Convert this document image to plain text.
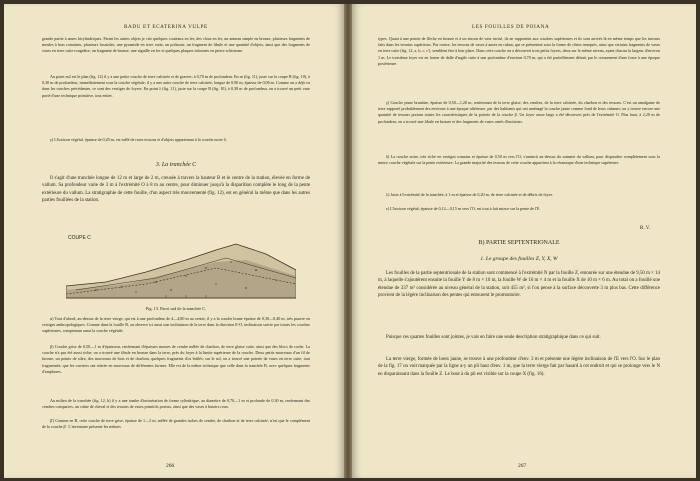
RADU ET ECATERINA VULPE
grande partie à anses bicylindriques. Parmi les autres objets je cite quelques couteaux en fer, des clous en fer, un anneau simple en bronze, plusieurs fragments de meules à bras romaines, plusieurs fusaïoles, une pyramide en terre cuite, un polissoir, un fragment de fibule et une quantité d'objets, ainsi que des fragments de vases en terre cuite rougeâtre, un fragment de bronze, une aiguille en fer et quelques plaques informes en pierre schisteuse.
Au point m2 est le plan (fig. 12) il y a une petite couche de terre calcinée et de gravier; à 0,70 m de profondeur. En m (fig. 11), juste sur la coupe B (fig. 10), à 0,30 m de profondeur, immédiatement sous la couche végétale, il y a une autre couche de terre calcinée, longue de 0,90 m, épaisse de 0,06 m. Comme on a déjà vu dans les couches précédentes, ce sont des vestiges de foyers. En point λ (fig. 11), juste sur la coupe B (fig. 10), à 0,38 m de profondeur, on a trouvé un petit vase porté d'une technique primitive, tout entier.
γ) L'horizon végétal, épaisse de 0,20 m, est mêlé de rares tessons et d'objets appartenant à la couche noire δ.
3. La tranchée C
Il s'agit d'une tranchée longue de 12 m et large de 2 m, creusée à travers la hauteur B et le centre de la station, élevée en forme de vallum. Sa profondeur varie de 3 m à l'extrémité O à 8 m au centre, pour diminuer jusqu'à la disparition complète le long de la pente extérieure du vallum. La stratigraphie de cette fouille, d'un aspect très mouvementé (fig. 12), est en général la même que dans les autres parties fouillées de la station.
COUPE C
Fig. 13. Paroi sud de la tranchée C.
α) Tout d'abord, au-dessus de la terre vierge, qui est à une profondeur de 4—4,80 m au centre, il y a la couche brune épaisse de 0,30—0,40 m, très pauvre en vestiges anthropologiques. Comme dans la fouille B, on observe ici aussi une inclinaison de la terre dans la direction E-O, inclinaison suivie par toutes les couches supérieures, comprenant aussi la couche végétale.
β) Couche grise de 0,50—1 m d'épaisseur, renfermant d'épaisses masses de cendre mêlée de charbon, de terre glaise cuite, ainsi que des blocs de roche. La couche n'a pas été aussi riche; on a trouvé une fibule en bronze dans la terre, près du foyer à la limite supérieure de la couche. Deux petits morceaux d'un fil de bronze, un pointe de silex, des morceaux de bois et de charbon, quelques fragments d'os brûlés; sur le sol, on a trouvé une poterie de vases en terre cuite, tout fragmentée, que les ouvriers ont retirée en morceaux de différentes formes. Elle est de la même technique que celle dans la tranchée B, avec quelques fragments d'amphores.
Au milieu de la tranchée (fig. 12, b) il y a une tombe d'incinération de forme cylindrique, au diamètre de 0,70—1 m et profonde de 0,30 m, renfermant des cendres compactes, un crâne de cheval et des tessons de vases primitifs poreux, ainsi que des vases à butoirs roux.
β') Comme en B, cette couche de terre grise, épaisse de 1—3 m, mêlée de grandes taches de cendre, de charbon et de terre calcinée, n'est que le complément de la couche β'. L'inventaire présente les mêmes
266
LES FOUILLES DE POIANA
types. Quant à une pointe de flèche en bronze et à un tesson de vase incisé, ils ne rapportent aux couches supérieures et ils sont arrivés là en même temps que les travaux faits dans les terrains supérieurs. Par contre, les tessons de vases à anses en ruban, qui se présentent sous la forme de cônes tronqués, ainsi que certains fragments de vases en terre cuite (fig. 12, a, b, c, c'), semblent être à leur place. Dans cette couche on a découvert trois petits foyers, deux sur le même niveau, ayant chacun la largeur d'environ 1 m. Le troisième foyer est en forme de dalle d'argile cuite à une profondeur d'environ 0,70 m, qui a été partiellement détruit par le creusement d'une fosse à une époque postérieure.
γ) Couche jaune brunâtre, épaisse de 0,50—1,20 m, renfermant de la terre glaise, des cendres, de la terre calcinée, du charbon et des tessons. C'est un amalgame de terre rapporté probablement des environs à une époque ultérieure, par des habitants qui ont aménagé la couche jaune comme fond de leurs cabanes; on y trouve encore une quantité de tessons portant toutes les caractéristiques de la poterie de la couche β. Un foyer assez large a été découvert près de l'extrémité O. Plus haut, à 2,20 m de profondeur, on a trouvé une fibule en bronze et des fragments de vases ornés d'incisions.
δ) La couche noire, très riche en vestiges romains et épaisse de 0,50 m vers l'O, s'amincit au-dessus du sommet du vallum, pour disparaître complètement sous la mince couche végétale sur la pente extérieure. La grande majorité des tessons de cette couche appartient à la céramique d'une technique supérieure.
λ) Juste à l'extrémité de la tranchée, à 1 m et épaisse de 0,20 m, de terre calcinée et de débris de foyer.
ε) L'horizon végétal, épaisse de 0,12—0,15 m vers l'O, est tout à fait mince sur la pente de l'E.
R. V.
B) PARTIE SEPTENTRIONALE
1. Le groupe des fouilles Z, Y, X, W
Les fouilles de la partie septentrionale de la station sont commencé à l'extrémité N par la fouille Z, entourée sur une étendue de 9,50 m × 14 m, à laquelle s'ajoutèrent ensuite la fouille Y de 8 m × 10 m, la fouille W de 16 m × 4 m et la fouille X de 10 m × 6 m. Au total on a fouillé une étendue de 337 m² considérée au niveau général de la station, soit 455 m², si l'on pense à la surface découverte 3 m plus bas. Cette différence provient de la légère inclinaison des pentes qui entourent le promontoire.
Puisque ces quatres fouilles sont jointes, je vais en faire une seule description stratigraphique dans ce qui suit.
La terre vierge, formée de loess jaune, se trouve à une profondeur d'env. 3 m et présente une légère inclinaison de l'E vers l'O. Sur le plan de la fig. 17 on voit marquée par la ligne a-y un pli haut d'env. 1 m, que la terre vierge fait par hasard à cet endroit et qui se prolonge vers le N en disparaissant dans la fouille Z. Le bout à du pli est visible sur la coupe X (fig. 16).
267
